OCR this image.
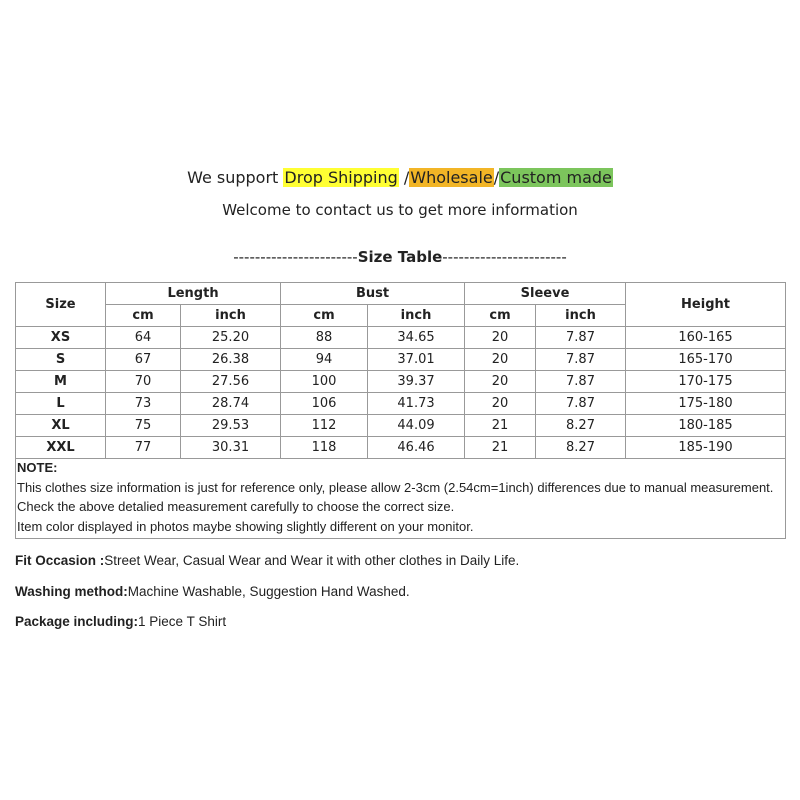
We support Drop Shipping /Wholesale/Custom made
Welcome to contact us to get more information
-----------------------Size Table-----------------------
Size	Length		Bust		Sleeve		Height
	cm	inch	cm	inch	cm	inch	
XS	64	25.20	88	34.65	20	7.87	160-165
S	67	26.38	94	37.01	20	7.87	165-170
M	70	27.56	100	39.37	20	7.87	170-175
L	73	28.74	106	41.73	20	7.87	175-180
XL	75	29.53	112	44.09	21	8.27	180-185
XXL	77	30.31	118	46.46	21	8.27	185-190
NOTE:
This clothes size information is just for reference only, please allow 2-3cm (2.54cm=1inch) differences due to manual measurement.
Check the above detalied measurement carefully to choose the correct size.
Item color displayed in photos maybe showing slightly different on your monitor.
Fit Occasion :Street Wear, Casual Wear and Wear it with other clothes in Daily Life.
Washing method:Machine Washable, Suggestion Hand Washed.
Package including:1 Piece T Shirt
